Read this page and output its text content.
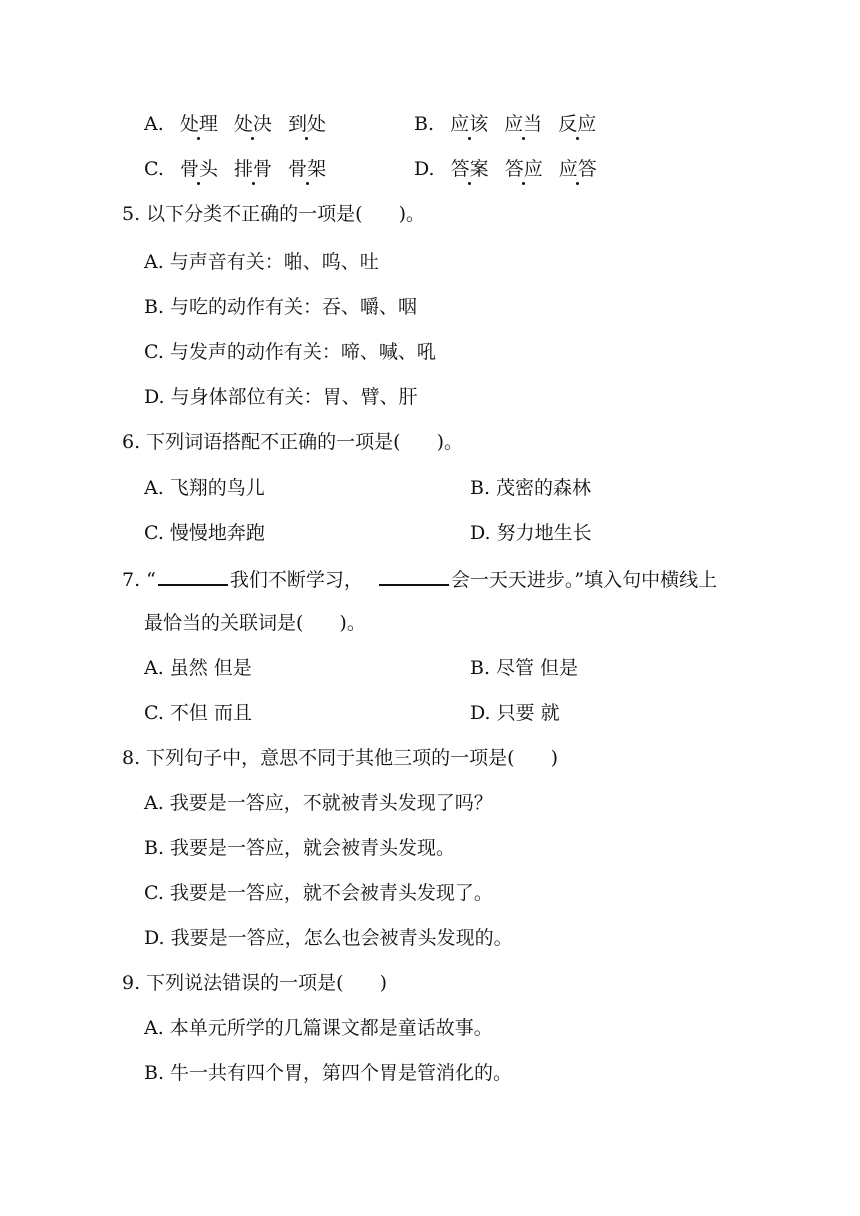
A. 处理 处决 到处	B. 应该 应当 反应
C. 骨头 排骨 骨架	D. 答案 答应 应答
5. 以下分类不正确的一项是( )。
A. 与声音有关：啪、呜、吐
B. 与吃的动作有关：吞、嚼、咽
C. 与发声的动作有关：啼、喊、吼
D. 与身体部位有关：胃、臂、肝
6. 下列词语搭配不正确的一项是( )。
A. 飞翔的鸟儿	B. 茂密的森林
C. 慢慢地奔跑	D. 努力地生长
7. “	我们不断学习，	会一天天进步。”填入句中横线上
最恰当的关联词是( )。
A. 虽然 但是	B. 尽管 但是
C. 不但 而且	D. 只要 就
8. 下列句子中，意思不同于其他三项的一项是( )
A. 我要是一答应，不就被青头发现了吗？
B. 我要是一答应，就会被青头发现。
C. 我要是一答应，就不会被青头发现了。
D. 我要是一答应，怎么也会被青头发现的。
9. 下列说法错误的一项是( )
A. 本单元所学的几篇课文都是童话故事。
B. 牛一共有四个胃，第四个胃是管消化的。
